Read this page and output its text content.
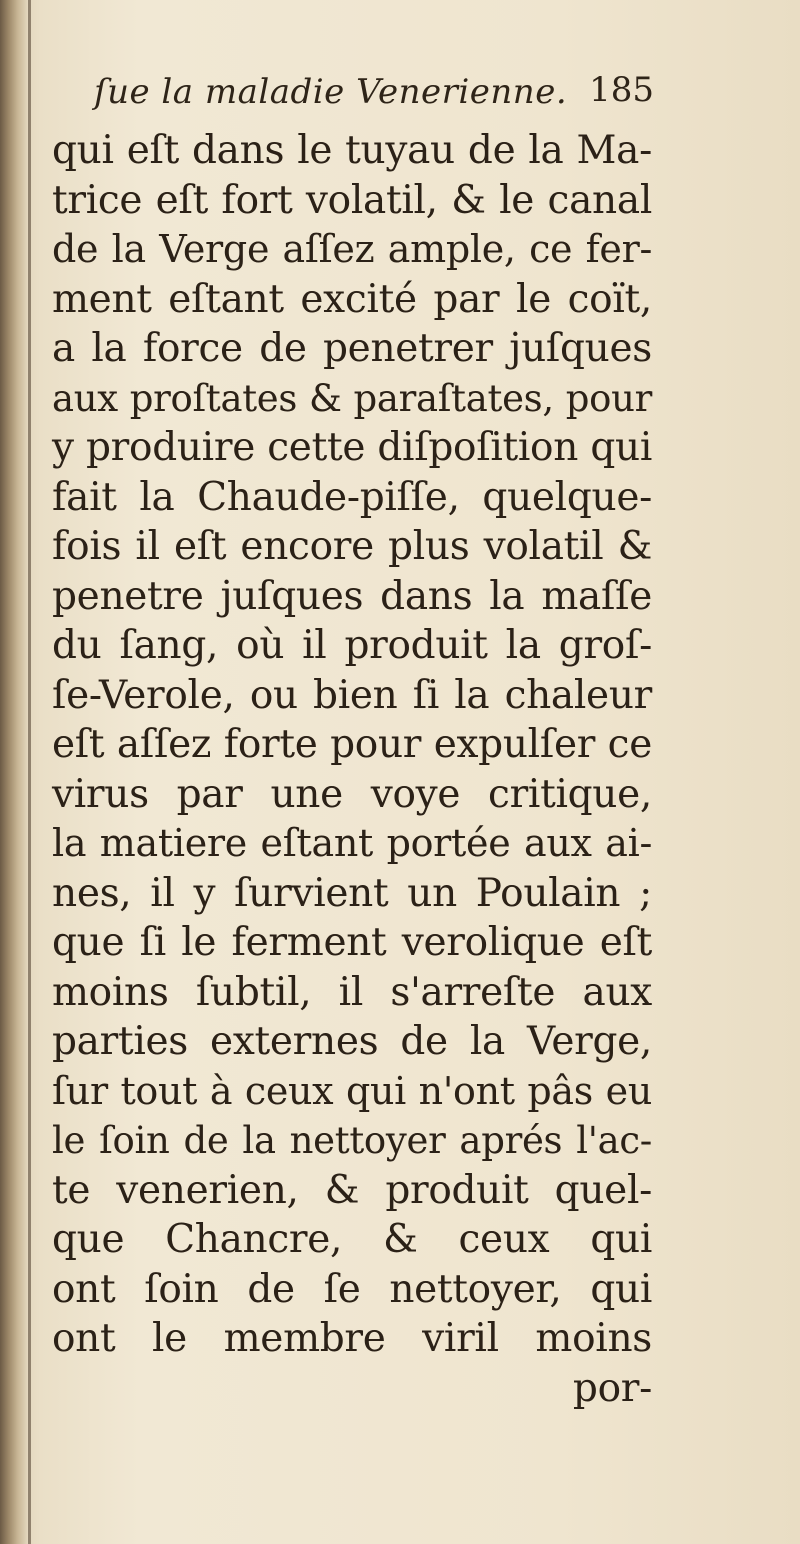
ſue la maladie Venerienne. 185
qui eſt dans le tuyau de la Ma-
trice eſt fort volatil, & le canal
de la Verge aſſez ample, ce fer-
ment eſtant excité par le coït,
a la force de penetrer juſques
aux proſtates & paraſtates, pour
y produire cette diſpoſition qui
fait la Chaude-piſſe, quelque-
fois il eſt encore plus volatil &
penetre juſques dans la maſſe
du ſang, où il produit la groſ-
ſe-Verole, ou bien ſi la chaleur
eſt aſſez forte pour expulſer ce
virus par une voye critique,
la matiere eſtant portée aux ai-
nes, il y ſurvient un Poulain ;
que ſi le ferment verolique eſt
moins ſubtil, il s'arreſte aux
parties externes de la Verge,
ſur tout à ceux qui n'ont pâs eu
le ſoin de la nettoyer aprés l'ac-
te venerien, & produit quel-
que Chancre, & ceux qui
ont ſoin de ſe nettoyer, qui
ont le membre viril moins
por-
